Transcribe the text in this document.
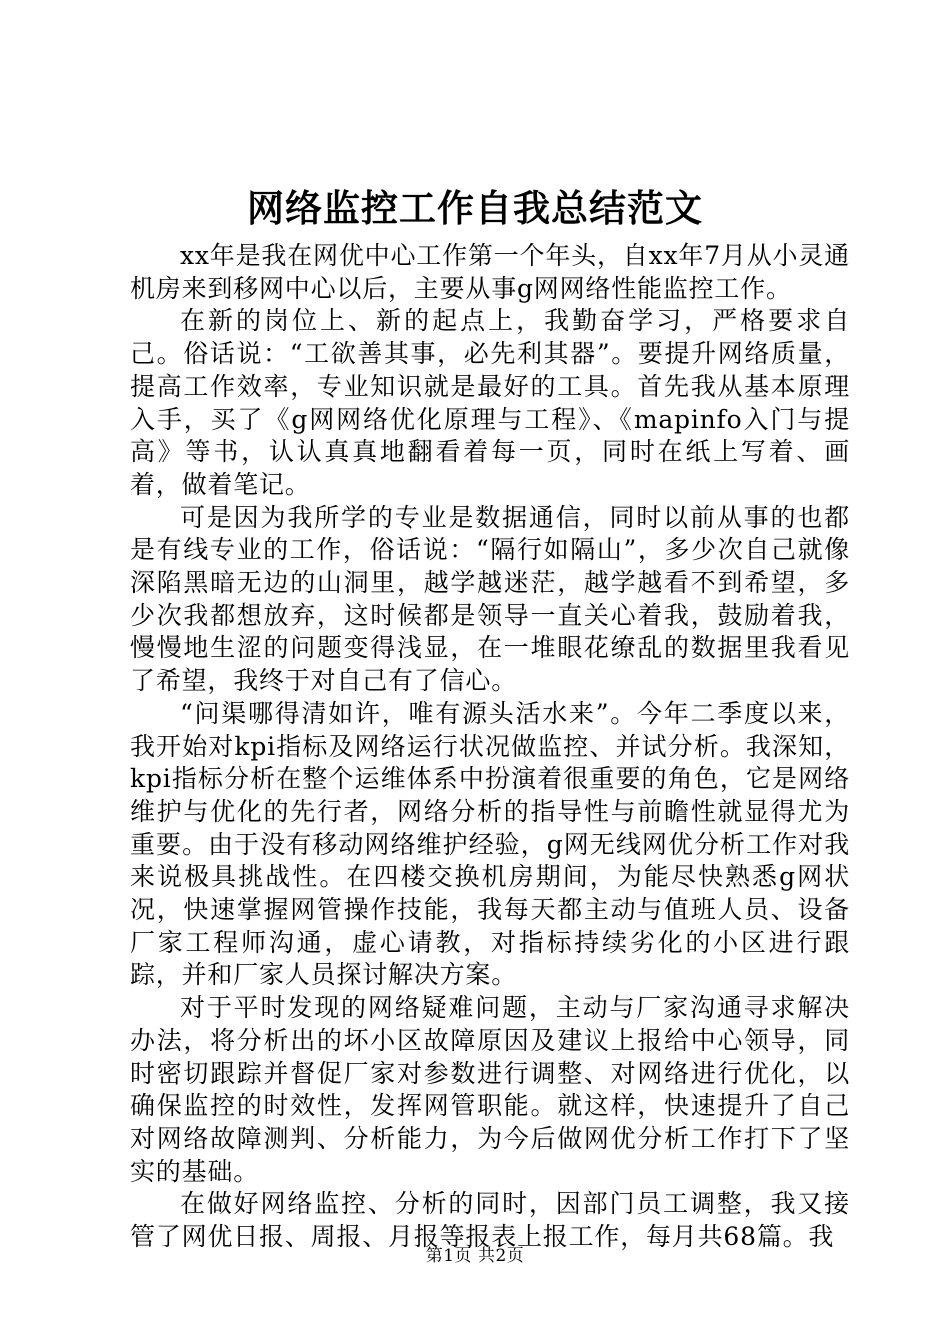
网络监控工作自我总结范文

xx年是我在网优中心工作第一个年头，自xx年7月从小灵通机房来到移网中心以后，主要从事g网网络性能监控工作。

在新的岗位上、新的起点上，我勤奋学习，严格要求自己。俗话说：“工欲善其事，必先利其器”。要提升网络质量，提高工作效率，专业知识就是最好的工具。首先我从基本原理入手，买了《g网网络优化原理与工程》、《mapinfo入门与提高》等书，认认真真地翻看着每一页，同时在纸上写着、画着，做着笔记。

可是因为我所学的专业是数据通信，同时以前从事的也都是有线专业的工作，俗话说：“隔行如隔山”，多少次自己就像深陷黑暗无边的山洞里，越学越迷茫，越学越看不到希望，多少次我都想放弃，这时候都是领导一直关心着我，鼓励着我，慢慢地生涩的问题变得浅显，在一堆眼花缭乱的数据里我看见了希望，我终于对自己有了信心。

“问渠哪得清如许，唯有源头活水来”。今年二季度以来，我开始对kpi指标及网络运行状况做监控、并试分析。我深知，kpi指标分析在整个运维体系中扮演着很重要的角色，它是网络维护与优化的先行者，网络分析的指导性与前瞻性就显得尤为重要。由于没有移动网络维护经验，g网无线网优分析工作对我来说极具挑战性。在四楼交换机房期间，为能尽快熟悉g网状况，快速掌握网管操作技能，我每天都主动与值班人员、设备厂家工程师沟通，虚心请教，对指标持续劣化的小区进行跟踪，并和厂家人员探讨解决方案。

对于平时发现的网络疑难问题，主动与厂家沟通寻求解决办法，将分析出的坏小区故障原因及建议上报给中心领导，同时密切跟踪并督促厂家对参数进行调整、对网络进行优化，以确保监控的时效性，发挥网管职能。就这样，快速提升了自己对网络故障测判、分析能力，为今后做网优分析工作打下了坚实的基础。

在做好网络监控、分析的同时，因部门员工调整，我又接管了网优日报、周报、月报等报表上报工作，每月共68篇。我

第1页 共2页
